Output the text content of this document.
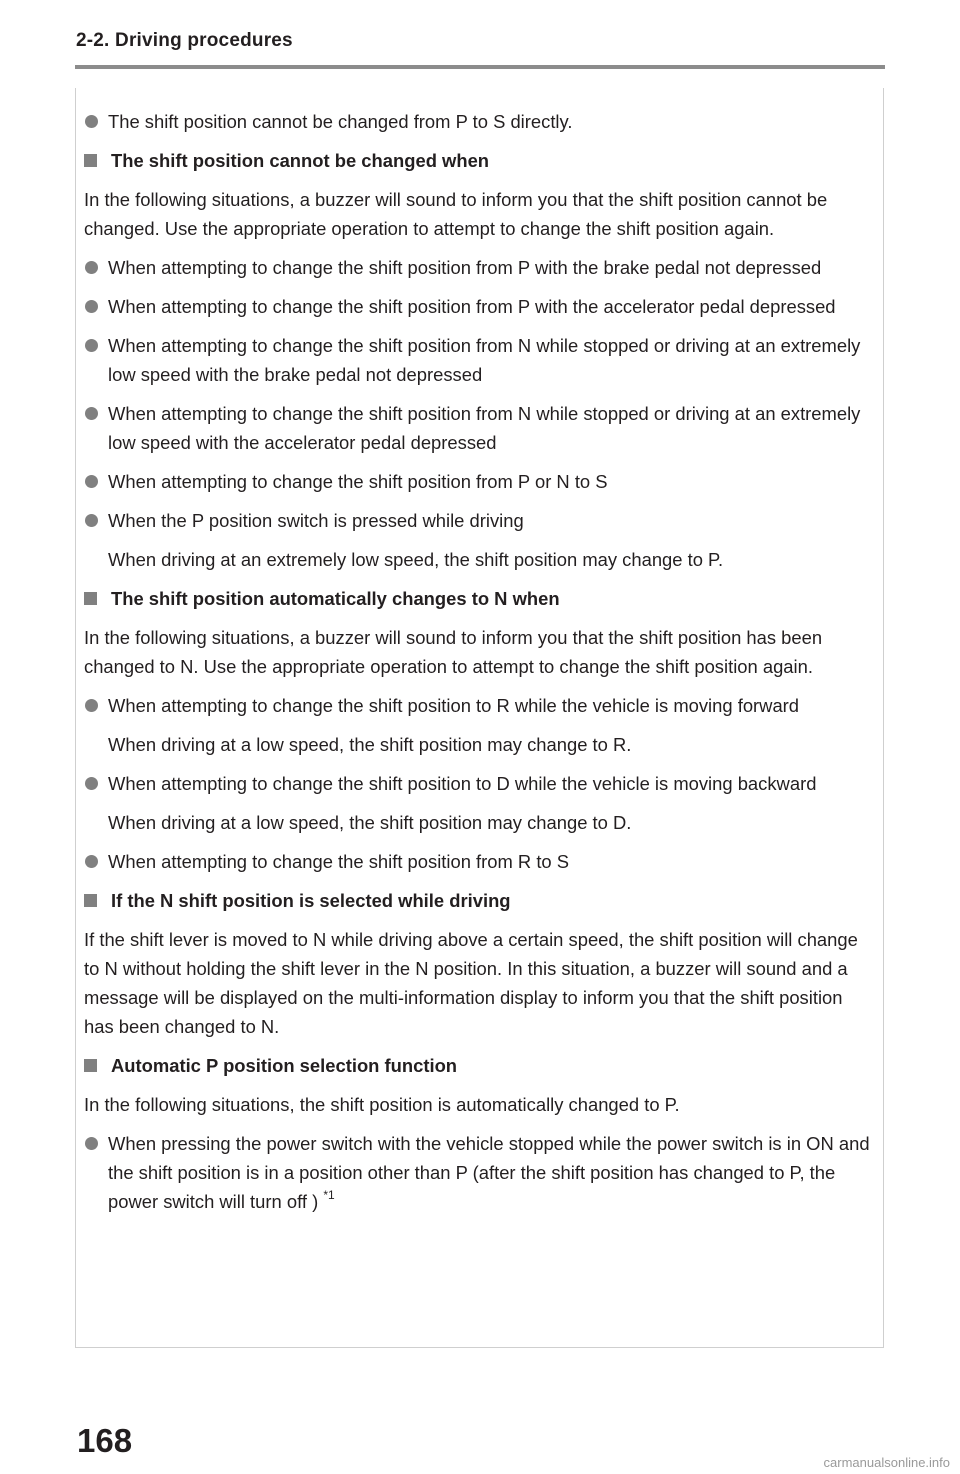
2-2. Driving procedures
The shift position cannot be changed from P to S directly.
The shift position cannot be changed when
In the following situations, a buzzer will sound to inform you that the shift position cannot be changed. Use the appropriate operation to attempt to change the shift position again.
When attempting to change the shift position from P with the brake pedal not depressed
When attempting to change the shift position from P with the accelerator pedal depressed
When attempting to change the shift position from N while stopped or driving at an extremely low speed with the brake pedal not depressed
When attempting to change the shift position from N while stopped or driving at an extremely low speed with the accelerator pedal depressed
When attempting to change the shift position from P or N to S
When the P position switch is pressed while driving
When driving at an extremely low speed, the shift position may change to P.
The shift position automatically changes to N when
In the following situations, a buzzer will sound to inform you that the shift position has been changed to N. Use the appropriate operation to attempt to change the shift position again.
When attempting to change the shift position to R while the vehicle is moving forward
When driving at a low speed, the shift position may change to R.
When attempting to change the shift position to D while the vehicle is moving backward
When driving at a low speed, the shift position may change to D.
When attempting to change the shift position from R to S
If the N shift position is selected while driving
If the shift lever is moved to N while driving above a certain speed, the shift position will change to N without holding the shift lever in the N position. In this situation, a buzzer will sound and a message will be displayed on the multi-information display to inform you that the shift position has been changed to N.
Automatic P position selection function
In the following situations, the shift position is automatically changed to P.
When pressing the power switch with the vehicle stopped while the power switch is in ON and the shift position is in a position other than P (after the shift position has changed to P, the power switch will turn off ) $^{*1}$
168
carmanualsonline.info
